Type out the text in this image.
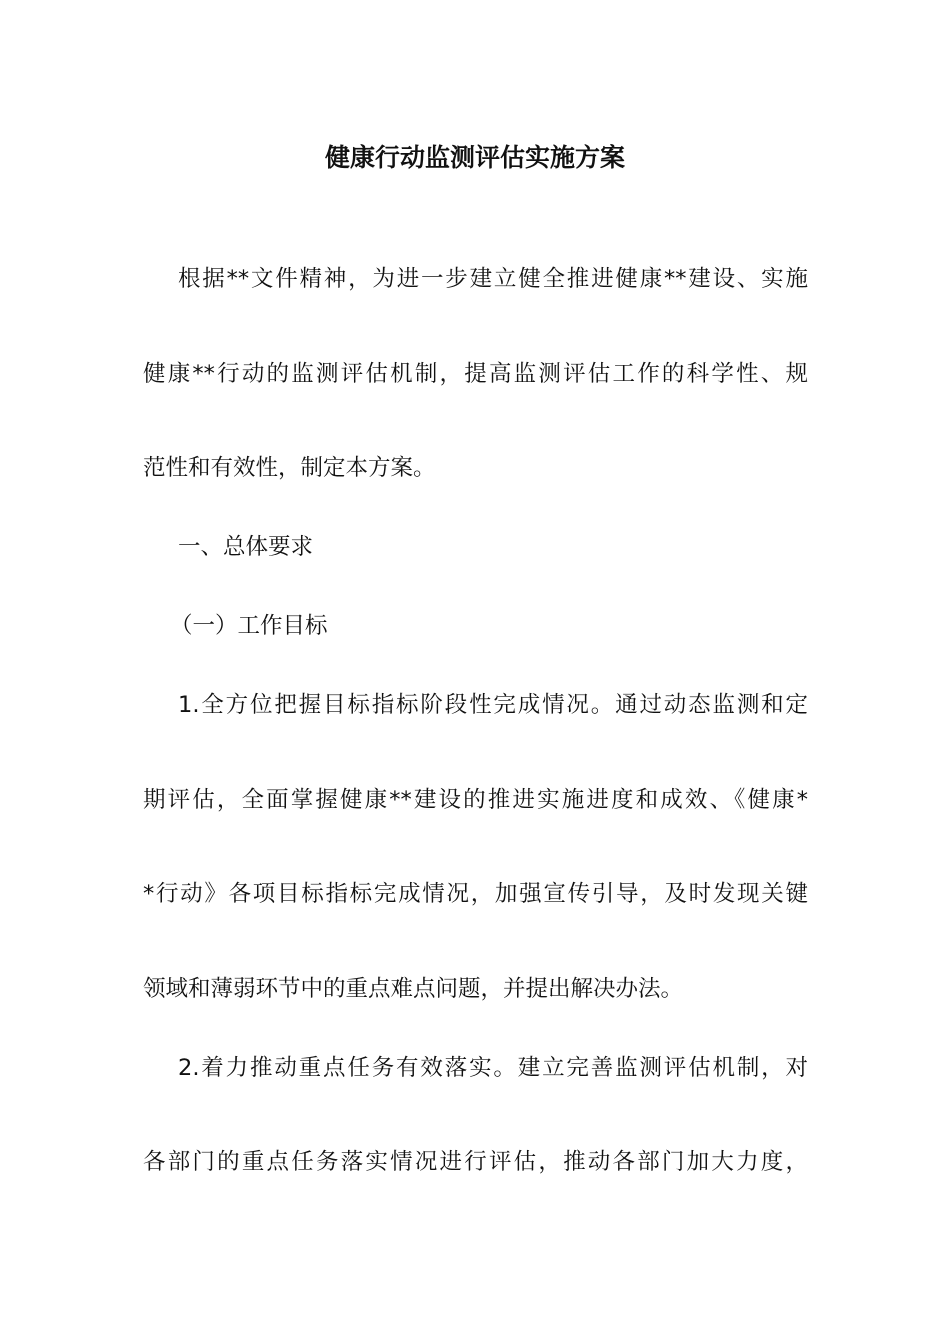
健康行动监测评估实施方案
根据**文件精神，为进一步建立健全推进健康**建设、实施
健康**行动的监测评估机制，提高监测评估工作的科学性、规
范性和有效性，制定本方案。
一、总体要求
（一）工作目标
1.全方位把握目标指标阶段性完成情况。通过动态监测和定
期评估，全面掌握健康**建设的推进实施进度和成效、《健康*
*行动》各项目标指标完成情况，加强宣传引导，及时发现关键
领域和薄弱环节中的重点难点问题，并提出解决办法。
2.着力推动重点任务有效落实。建立完善监测评估机制，对
各部门的重点任务落实情况进行评估，推动各部门加大力度，
